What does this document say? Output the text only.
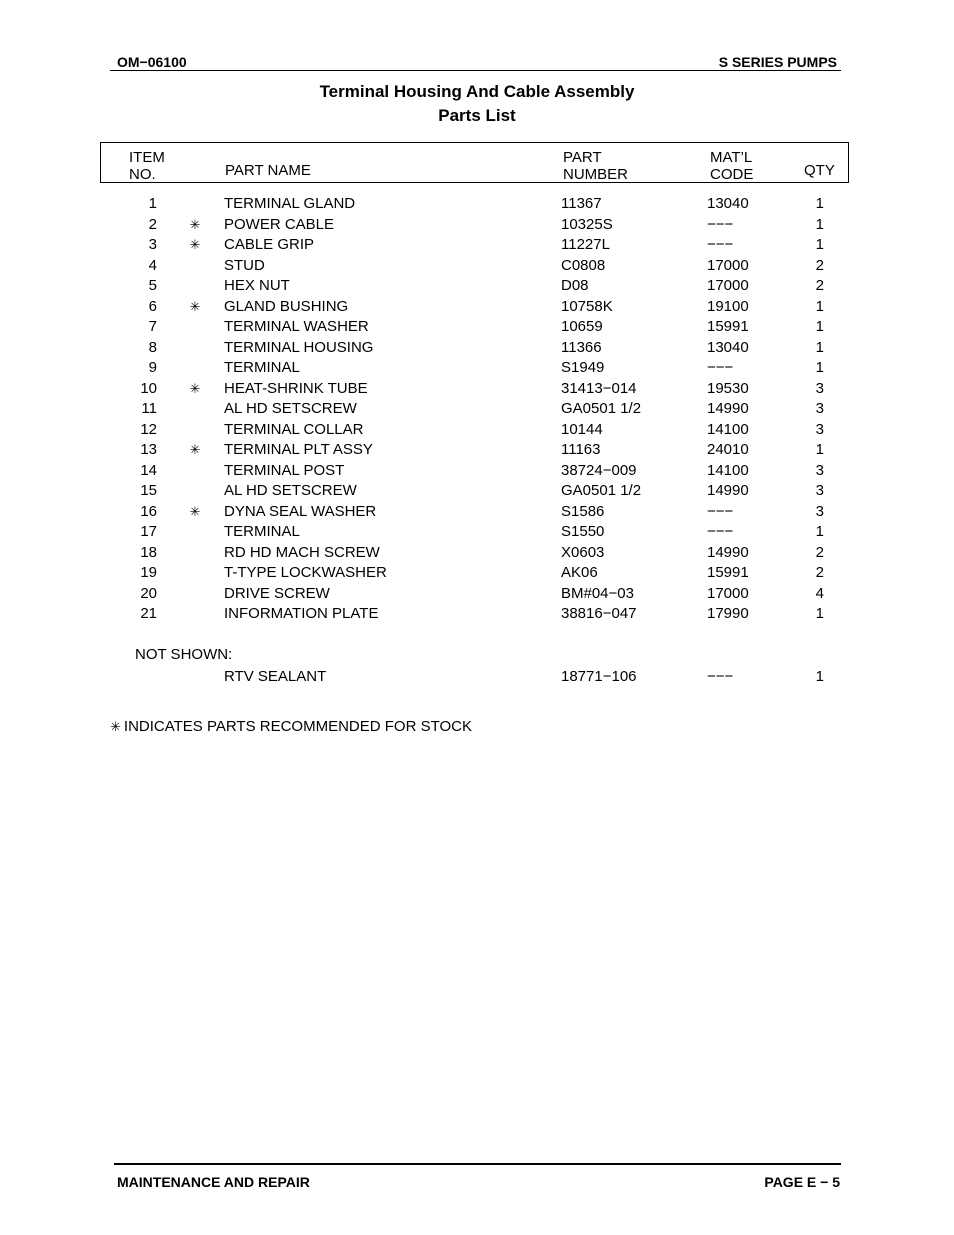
OM−06100	S SERIES PUMPS
Terminal Housing And Cable Assembly
Parts List
ITEM
NO.	PART NAME
PART
NUMBER
MAT’L
CODE	QTY
1	TERMINAL GLAND	11367	13040	1
2	✳ POWER CABLE	10325S	−−−	1
3	✳ CABLE GRIP	11227L	−−−	1
4	STUD	C0808	17000	2
5	HEX NUT	D08	17000	2
6	✳ GLAND BUSHING	10758K	19100	1
7	TERMINAL WASHER	10659	15991	1
8	TERMINAL HOUSING	11366	13040	1
9	TERMINAL	S1949	−−−	1
10	✳ HEAT-SHRINK TUBE	31413−014	19530	3
11	AL HD SETSCREW	GA0501 1/2	14990	3
12	TERMINAL COLLAR	10144	14100	3
13	✳ TERMINAL PLT ASSY	11163	24010	1
14	TERMINAL POST	38724−009	14100	3
15	AL HD SETSCREW	GA0501 1/2	14990	3
16	✳ DYNA SEAL WASHER	S1586	−−−	3
17	TERMINAL	S1550	−−−	1
18	RD HD MACH SCREW	X0603	14990	2
19	T-TYPE LOCKWASHER	AK06	15991	2
20	DRIVE SCREW	BM#04−03	17000	4
21	INFORMATION PLATE	38816−047	17990	1
NOT SHOWN:
RTV SEALANT	18771−106	−−−	1
✳ INDICATES PARTS RECOMMENDED FOR STOCK
MAINTENANCE AND REPAIR	PAGE E − 5
